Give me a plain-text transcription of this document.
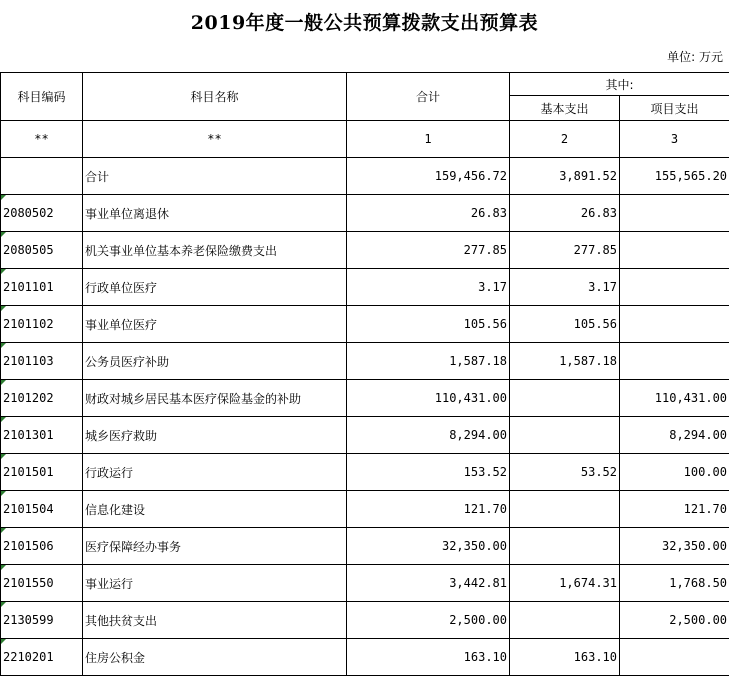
2019年度一般公共预算拨款支出预算表
单位: 万元
科目编码	科目名称	合计	其中:	
			基本支出	项目支出
**	**	1	2	3
	合计	159,456.72	3,891.52	155,565.20

2080502	事业单位离退休	26.83	26.83	

2080505	机关事业单位基本养老保险缴费支出	277.85	277.85	

2101101	行政单位医疗	3.17	3.17	

2101102	事业单位医疗	105.56	105.56	

2101103	公务员医疗补助	1,587.18	1,587.18	

2101202	财政对城乡居民基本医疗保险基金的补助	110,431.00		110,431.00

2101301	城乡医疗救助	8,294.00		8,294.00

2101501	行政运行	153.52	53.52	100.00

2101504	信息化建设	121.70		121.70

2101506	医疗保障经办事务	32,350.00		32,350.00

2101550	事业运行	3,442.81	1,674.31	1,768.50

2130599	其他扶贫支出	2,500.00		2,500.00

2210201	住房公积金	163.10	163.10	
